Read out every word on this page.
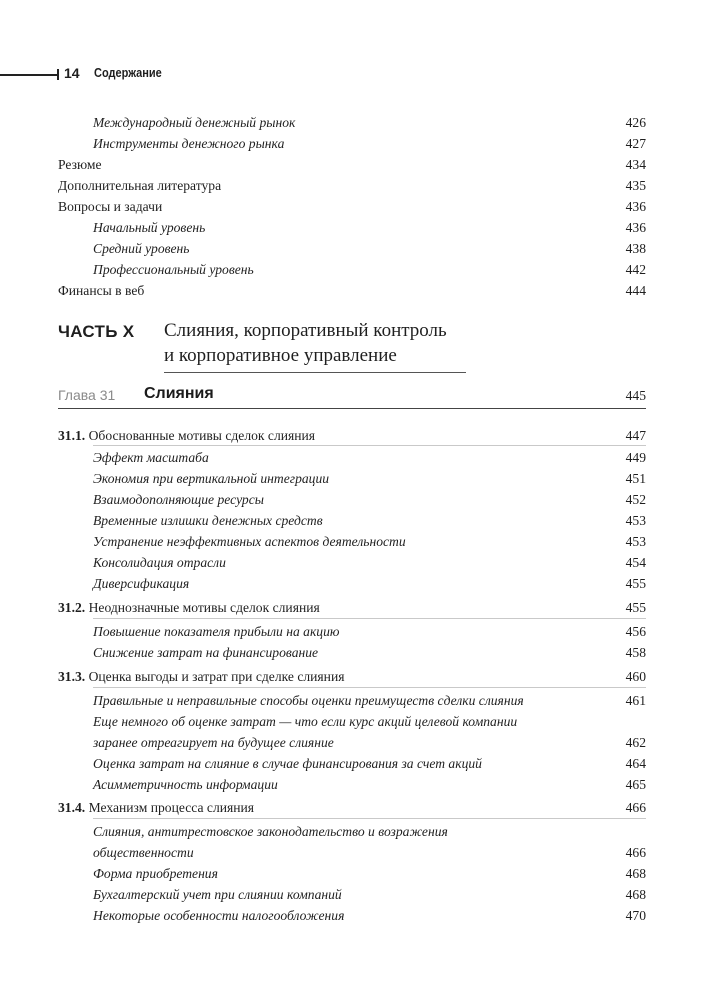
14 Содержание
Международный денежный рынок	426
Инструменты денежного рынка	427
Резюме	434
Дополнительная литература	435
Вопросы и задачи	436
Начальный уровень	436
Средний уровень	438
Профессиональный уровень	442
Финансы в веб	444
ЧАСТЬ X Слияния, корпоративный контроль
и корпоративное управление
Глава 31 Слияния	445
31.1. Обоснованные мотивы сделок слияния	447
Эффект масштаба	449
Экономия при вертикальной интеграции	451
Взаимодополняющие ресурсы	452
Временные излишки денежных средств	453
Устранение неэффективных аспектов деятельности	453
Консолидация отрасли	454
Диверсификация	455
31.2. Неоднозначные мотивы сделок слияния	455
Повышение показателя прибыли на акцию	456
Снижение затрат на финансирование	458
31.3. Оценка выгоды и затрат при сделке слияния	460
Правильные и неправильные способы оценки преимуществ сделки слияния	461
Еще немного об оценке затрат — что если курс акций целевой компании
заранее отреагирует на будущее слияние	462
Оценка затрат на слияние в случае финансирования за счет акций	464
Асимметричность информации	465
31.4. Механизм процесса слияния	466
Слияния, антитрестовское законодательство и возражения
общественности	466
Форма приобретения	468
Бухгалтерский учет при слиянии компаний	468
Некоторые особенности налогообложения	470
